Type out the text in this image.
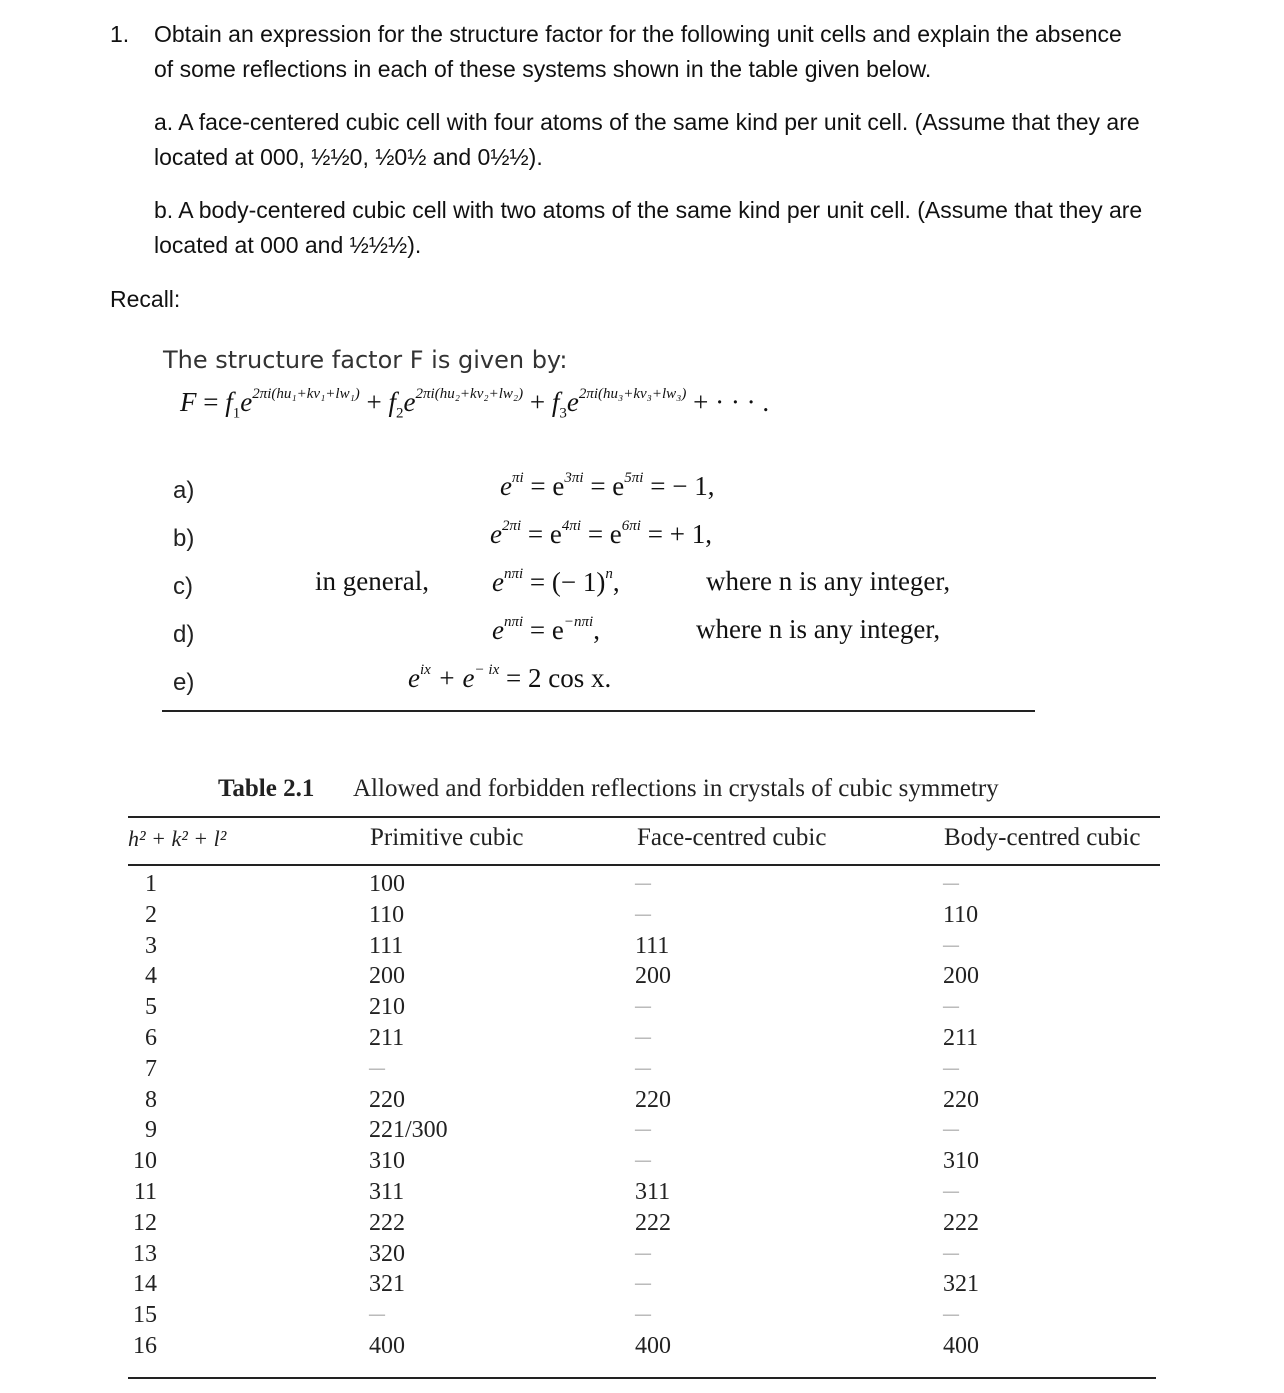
1. Obtain an expression for the structure factor for the following unit cells and explain the absence
of some reflections in each of these systems shown in the table given below.
a. A face-centered cubic cell with four atoms of the same kind per unit cell. (Assume that they are
located at 000, ½½0, ½0½ and 0½½).
b. A body-centered cubic cell with two atoms of the same kind per unit cell. (Assume that they are
located at 000 and ½½½).
Recall:
The structure factor F is given by:
$F = f_1e^{2\pi i(hu_1+kv_1+lw_1)} + f_2e^{2\pi i(hu_2+kv_2+lw_2)} + f_3e^{2\pi i(hu_3+kv_3+lw_3)}$ + · · · .
a)	$e^{\pi i} = e^{3\pi i} = e^{5\pi i}$ = − 1,
b)	$e^{2\pi i} = e^{4\pi i} = e^{6\pi i}$ = + 1,
c)	in general, $e^{n\pi i}$ = (− 1)$^n$,	where n is any integer,
d)	$e^{n\pi i} = e^{-n\pi i}$,	where n is any integer,
e)	$e^{ix} + e^{- ix} = 2$ cos x.
Table 2.1 Allowed and forbidden reflections in crystals of cubic symmetry
h² + k² + l²	Primitive cubic	Face-centred cubic	Body-centred cubic
1	100	—	—
2	110	—	110
3	111	111	—
4	200	200	200
5	210	—	—
6	211	—	211
7	—	—	—
8	220	220	220
9	221/300	—	—
10	310	—	310
11	311	311	—
12	222	222	222
13	320	—	—
14	321	—	321
15	—	—	—
16	400	400	400
